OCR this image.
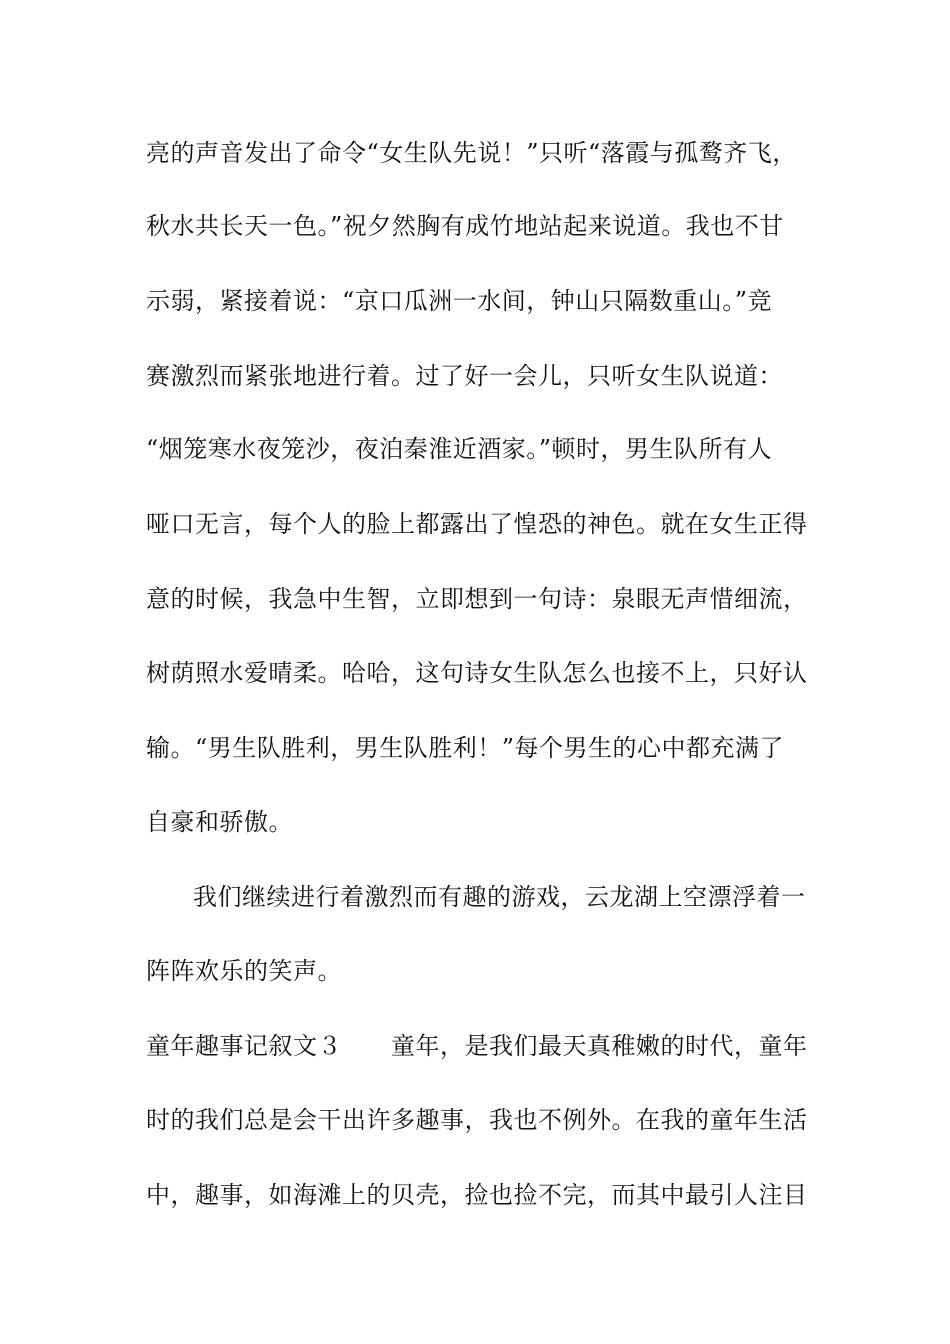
亮的声音发出了命令“女生队先说！”只听“落霞与孤鹜齐飞，
秋水共长天一色。”祝夕然胸有成竹地站起来说道。我也不甘
示弱，紧接着说：“京口瓜洲一水间，钟山只隔数重山。”竞
赛激烈而紧张地进行着。过了好一会儿，只听女生队说道：
“烟笼寒水夜笼沙，夜泊秦淮近酒家。”顿时，男生队所有人
哑口无言，每个人的脸上都露出了惶恐的神色。就在女生正得
意的时候，我急中生智，立即想到一句诗：泉眼无声惜细流，
树荫照水爱晴柔。哈哈，这句诗女生队怎么也接不上，只好认
输。“男生队胜利，男生队胜利！”每个男生的心中都充满了
自豪和骄傲。
我们继续进行着激烈而有趣的游戏，云龙湖上空漂浮着一
阵阵欢乐的笑声。
童年趣事记叙文３　　童年，是我们最天真稚嫩的时代，童年
时的我们总是会干出许多趣事，我也不例外。在我的童年生活
中，趣事，如海滩上的贝壳，捡也捡不完，而其中最引人注目
